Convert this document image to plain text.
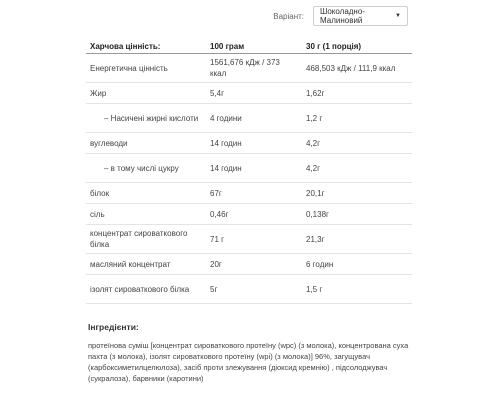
Варіант: Шоколадно-Малиновий	▼
Харчова цінність:	100 грам	30 г (1 порція)
Енергетична цінність	1561,676 кДж / 373 ккал	468,503 кДж / 111,9 ккал
Жир	5,4г	1,62г
– Насичені жирні кислоти	4 години	1,2 г
вуглеводи	14 годин	4,2г
– в тому числі цукру	14 годин	4,2г
білок	67г	20,1г
сіль	0,46г	0,138г
концентрат сироваткового білка	71 г	21,3г
масляний концентрат	20г	6 годин
ізолят сироваткового білка	5г	1,5 г
Інгредієнти:

протеїнова суміш [концентрат сироваткового протеїну (wpc) (з молока), концентрована суха пахта (з молока), ізолят сироваткового протеїну (wpi) (з молока)] 96%, загущувач (карбоксиметилцелюлоза), засіб проти злежування (діоксид кремнію) , підсолоджувач (сукралоза), барвники (каротини)
